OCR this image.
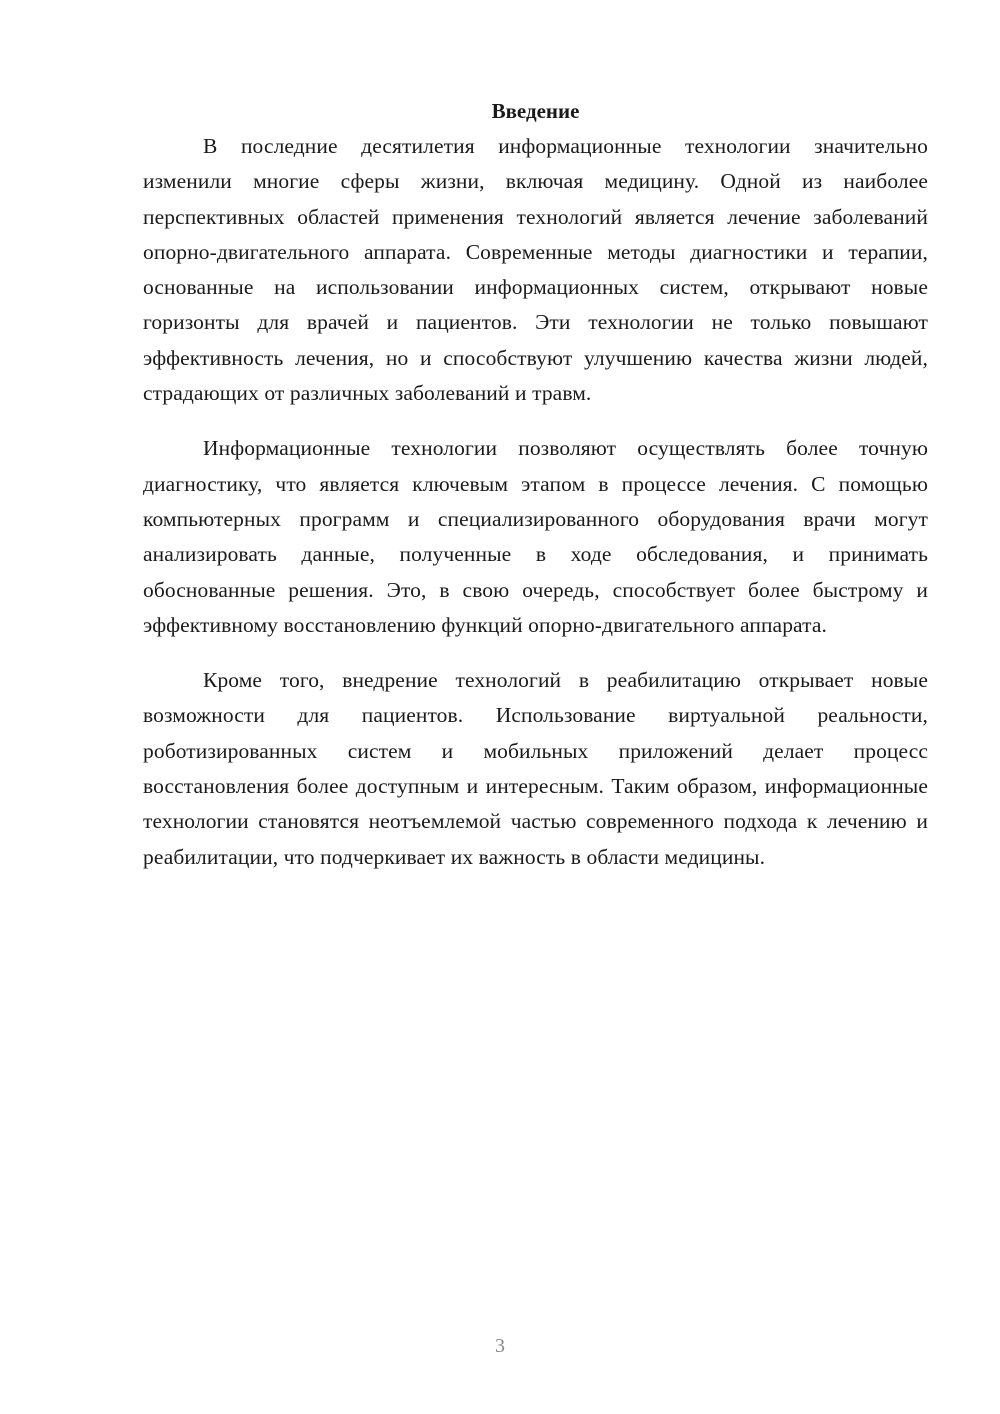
Введение

В последние десятилетия информационные технологии значительно изменили многие сферы жизни, включая медицину. Одной из наиболее перспективных областей применения технологий является лечение заболеваний опорно-двигательного аппарата. Современные методы диагностики и терапии, основанные на использовании информационных систем, открывают новые горизонты для врачей и пациентов. Эти технологии не только повышают эффективность лечения, но и способствуют улучшению качества жизни людей, страдающих от различных заболеваний и травм.

Информационные технологии позволяют осуществлять более точную диагностику, что является ключевым этапом в процессе лечения. С помощью компьютерных программ и специализированного оборудования врачи могут анализировать данные, полученные в ходе обследования, и принимать обоснованные решения. Это, в свою очередь, способствует более быстрому и эффективному восстановлению функций опорно-двигательного аппарата.

Кроме того, внедрение технологий в реабилитацию открывает новые возможности для пациентов. Использование виртуальной реальности, роботизированных систем и мобильных приложений делает процесс восстановления более доступным и интересным. Таким образом, информационные технологии становятся неотъемлемой частью современного подхода к лечению и реабилитации, что подчеркивает их важность в области медицины.

3
